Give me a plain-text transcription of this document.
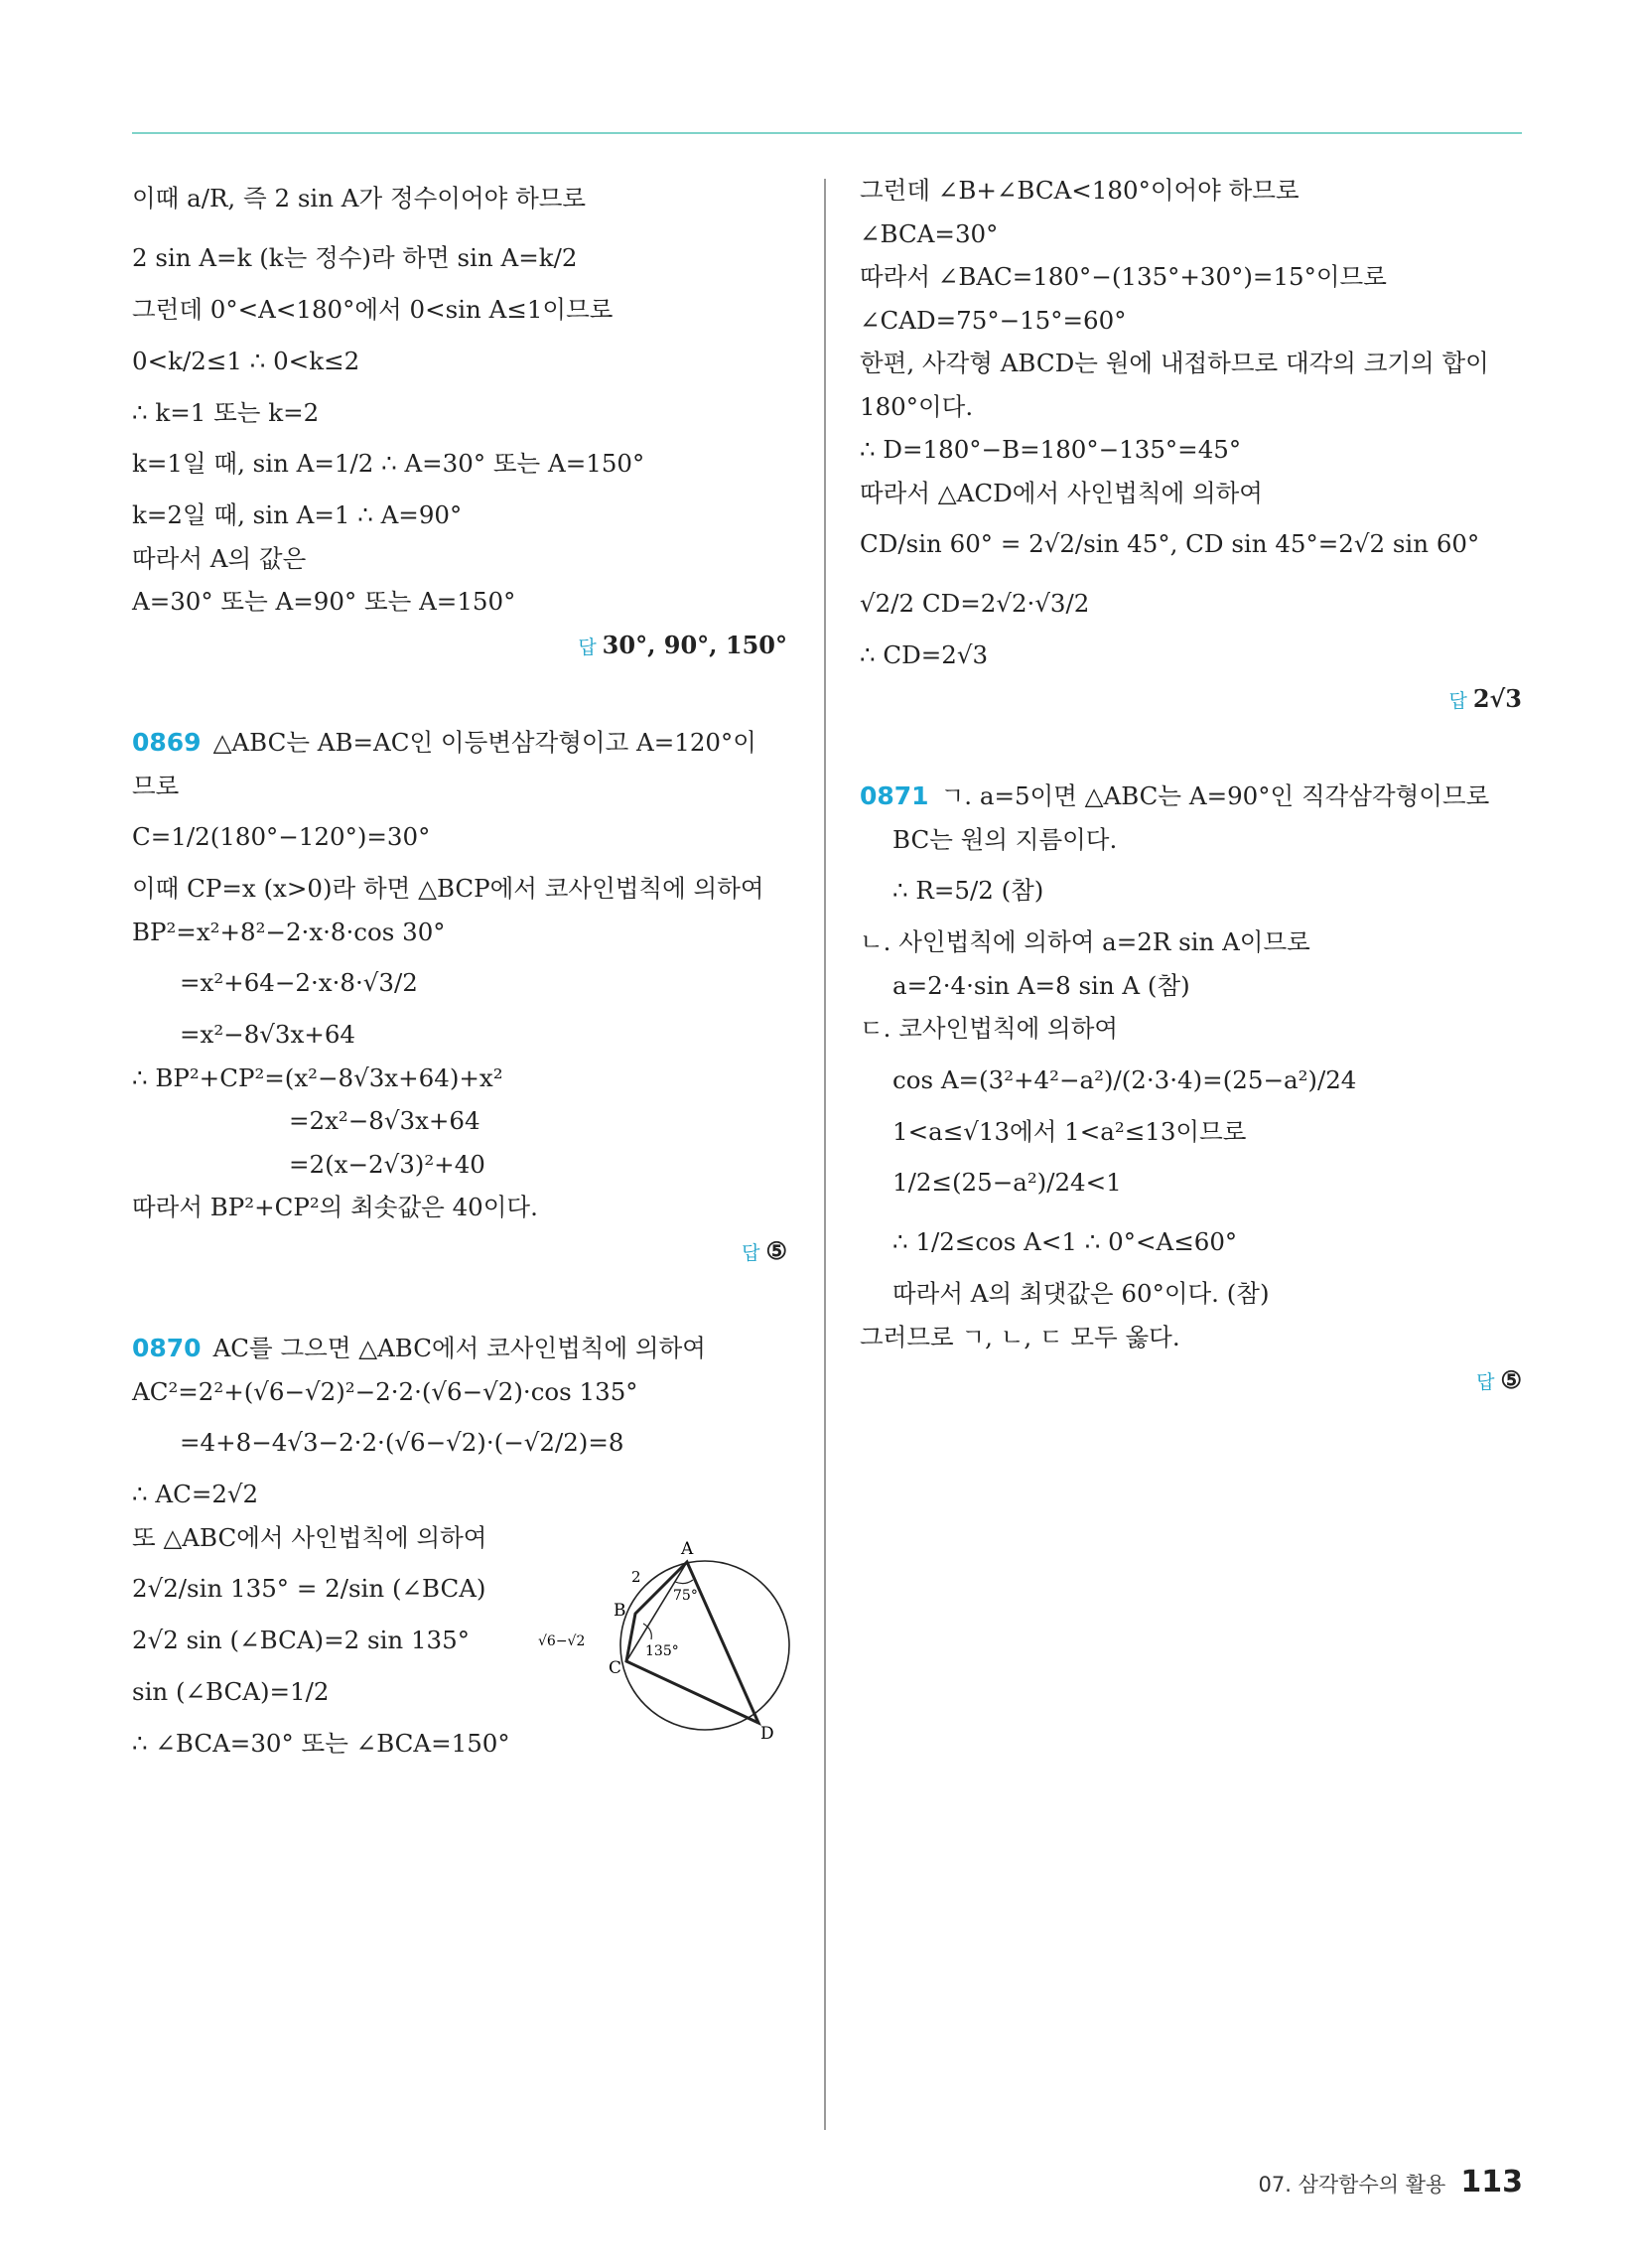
이때 a/R, 즉 2 sin A가 정수이어야 하므로
2 sin A=k (k는 정수)라 하면 sin A=k/2
그런데 0°<A<180°에서 0<sin A≤1이므로
0<k/2≤1 ∴ 0<k≤2
∴ k=1 또는 k=2
k=1일 때, sin A=1/2 ∴ A=30° 또는 A=150°
k=2일 때, sin A=1 ∴ A=90°
따라서 A의 값은
A=30° 또는 A=90° 또는 A=150°
답 30°, 90°, 150°
0869 △ABC는 AB=AC인 이등변삼각형이고 A=120°이
므로
C=1/2(180°−120°)=30°
이때 CP=x (x>0)라 하면 △BCP에서 코사인법칙에 의하여
BP²=x²+8²−2·x·8·cos 30°
=x²+64−2·x·8·√3/2
=x²−8√3x+64
∴ BP²+CP²=(x²−8√3x+64)+x²
=2x²−8√3x+64
=2(x−2√3)²+40
따라서 BP²+CP²의 최솟값은 40이다.
답 ⑤
0870 AC를 그으면 △ABC에서 코사인법칙에 의하여
AC²=2²+(√6−√2)²−2·2·(√6−√2)·cos 135°
=4+8−4√3−2·2·(√6−√2)·(−√2/2)=8
∴ AC=2√2
또 △ABC에서 사인법칙에 의하여
2√2/sin 135° = 2/sin (∠BCA)
2√2 sin (∠BCA)=2 sin 135°
sin (∠BCA)=1/2
∴ ∠BCA=30° 또는 ∠BCA=150°
A
B
C
D
2
√6−√2
75°
135°
그런데 ∠B+∠BCA<180°이어야 하므로
∠BCA=30°
따라서 ∠BAC=180°−(135°+30°)=15°이므로
∠CAD=75°−15°=60°
한편, 사각형 ABCD는 원에 내접하므로 대각의 크기의 합이
180°이다.
∴ D=180°−B=180°−135°=45°
따라서 △ACD에서 사인법칙에 의하여
CD/sin 60° = 2√2/sin 45°, CD sin 45°=2√2 sin 60°
√2/2 CD=2√2·√3/2
∴ CD=2√3
답 2√3
0871 ㄱ. a=5이면 △ABC는 A=90°인 직각삼각형이므로
BC는 원의 지름이다.
∴ R=5/2 (참)
ㄴ. 사인법칙에 의하여 a=2R sin A이므로
a=2·4·sin A=8 sin A (참)
ㄷ. 코사인법칙에 의하여
cos A=(3²+4²−a²)/(2·3·4)=(25−a²)/24
1<a≤√13에서 1<a²≤13이므로
1/2≤(25−a²)/24<1
∴ 1/2≤cos A<1 ∴ 0°<A≤60°
따라서 A의 최댓값은 60°이다. (참)
그러므로 ㄱ, ㄴ, ㄷ 모두 옳다.
답 ⑤
07. 삼각함수의 활용 113
